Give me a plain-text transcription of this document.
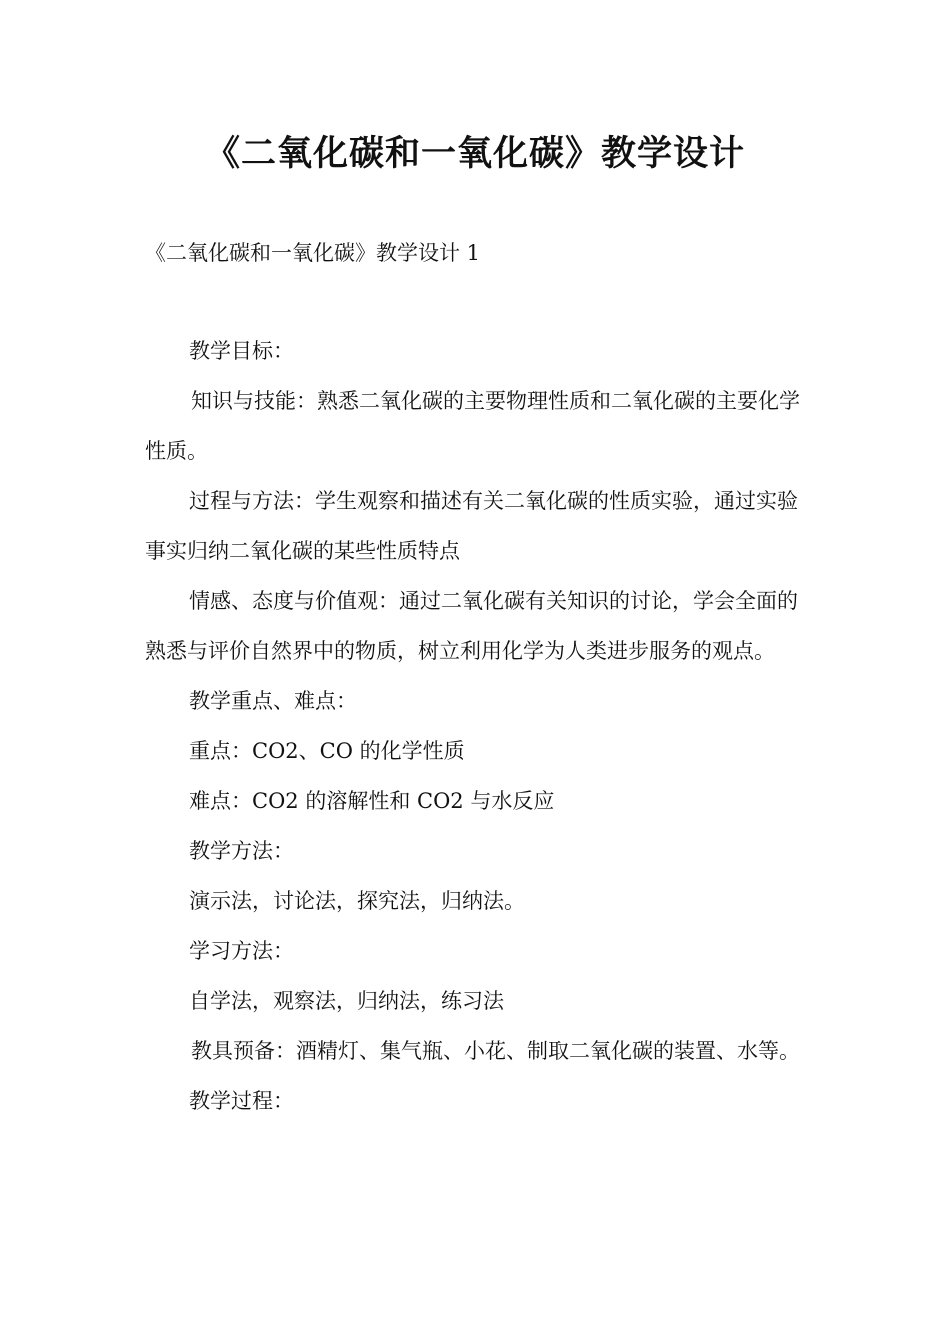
《二氧化碳和一氧化碳》教学设计
《二氧化碳和一氧化碳》教学设计 1

教学目标：

知识与技能：熟悉二氧化碳的主要物理性质和二氧化碳的主要化学性质。

过程与方法：学生观察和描述有关二氧化碳的性质实验，通过实验事实归纳二氧化碳的某些性质特点

情感、态度与价值观：通过二氧化碳有关知识的讨论，学会全面的熟悉与评价自然界中的物质，树立利用化学为人类进步服务的观点。

教学重点、难点：

重点：CO2、CO 的化学性质

难点：CO2 的溶解性和 CO2 与水反应

教学方法：

演示法，讨论法，探究法，归纳法。

学习方法：

自学法，观察法，归纳法，练习法

教具预备：酒精灯、集气瓶、小花、制取二氧化碳的装置、水等。

教学过程：
